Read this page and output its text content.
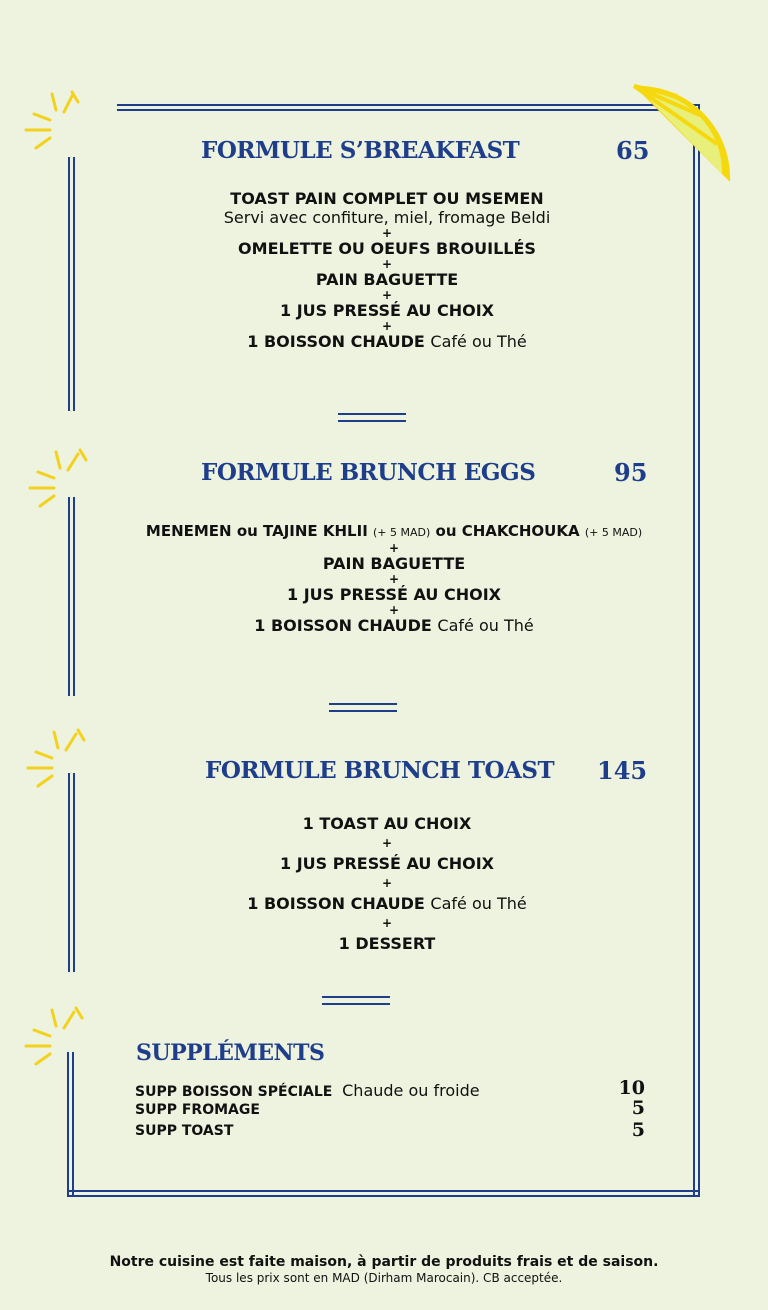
FORMULE S’BREAKFAST	65
TOAST PAIN COMPLET OU MSEMEN
Servi avec confiture, miel, fromage Beldi
+
OMELETTE OU OEUFS BROUILLÉS
+
PAIN BAGUETTE
+
1 JUS PRESSÉ AU CHOIX
+
1 BOISSON CHAUDE Café ou Thé
FORMULE BRUNCH EGGS	95
MENEMEN ou TAJINE KHLII (+ 5 MAD) ou CHAKCHOUKA (+ 5 MAD)
+
PAIN BAGUETTE
+
1 JUS PRESSÉ AU CHOIX
+
1 BOISSON CHAUDE Café ou Thé
FORMULE BRUNCH TOAST 145
1 TOAST AU CHOIX
+
1 JUS PRESSÉ AU CHOIX
+
1 BOISSON CHAUDE Café ou Thé
+
1 DESSERT
SUPPLÉMENTS
SUPP BOISSON SPÉCIALE Chaude ou froide	10
SUPP FROMAGE	5
SUPP TOAST	5
Notre cuisine est faite maison, à partir de produits frais et de saison.
Tous les prix sont en MAD (Dirham Marocain). CB acceptée.
